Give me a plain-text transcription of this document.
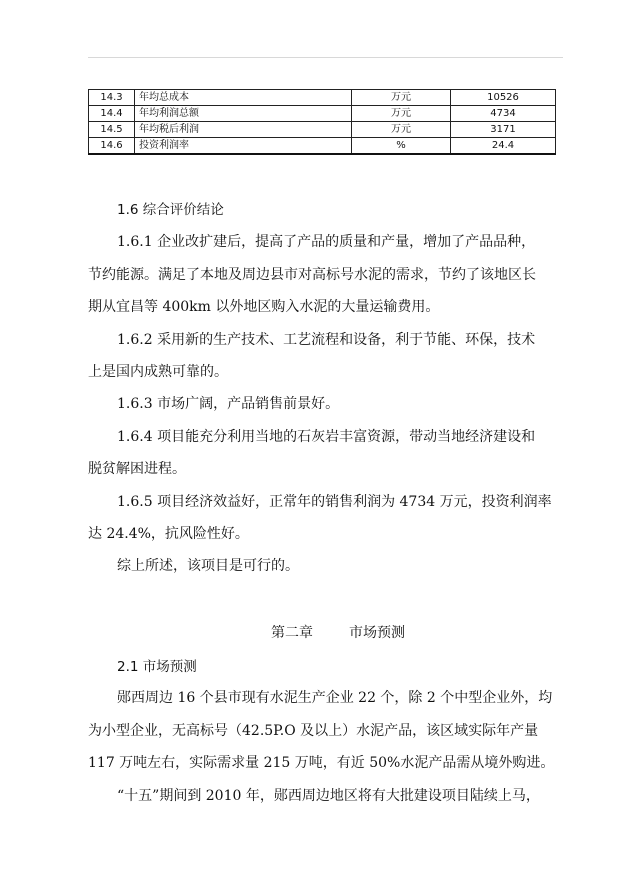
14.3	年均总成本	万元	10526
14.4	年均利润总额	万元	4734
14.5	年均税后利润	万元	3171
14.6	投资利润率	%	24.4

1.6 综合评价结论

1.6.1 企业改扩建后，提高了产品的质量和产量，增加了产品品种，

节约能源。满足了本地及周边县市对高标号水泥的需求，节约了该地区长

期从宜昌等 400km 以外地区购入水泥的大量运输费用。

1.6.2 采用新的生产技术、工艺流程和设备，利于节能、环保，技术

上是国内成熟可靠的。

1.6.3 市场广阔，产品销售前景好。

1.6.4 项目能充分利用当地的石灰岩丰富资源，带动当地经济建设和

脱贫解困进程。

1.6.5 项目经济效益好，正常年的销售利润为 4734 万元，投资利润率

达 24.4%，抗风险性好。

综上所述，该项目是可行的。

第二章	市场预测

2.1 市场预测

郧西周边 16 个县市现有水泥生产企业 22 个，除 2 个中型企业外，均

为小型企业，无高标号（42.5P.O 及以上）水泥产品，该区域实际年产量

117 万吨左右，实际需求量 215 万吨，有近 50%水泥产品需从境外购进。

“十五”期间到 2010 年，郧西周边地区将有大批建设项目陆续上马，
